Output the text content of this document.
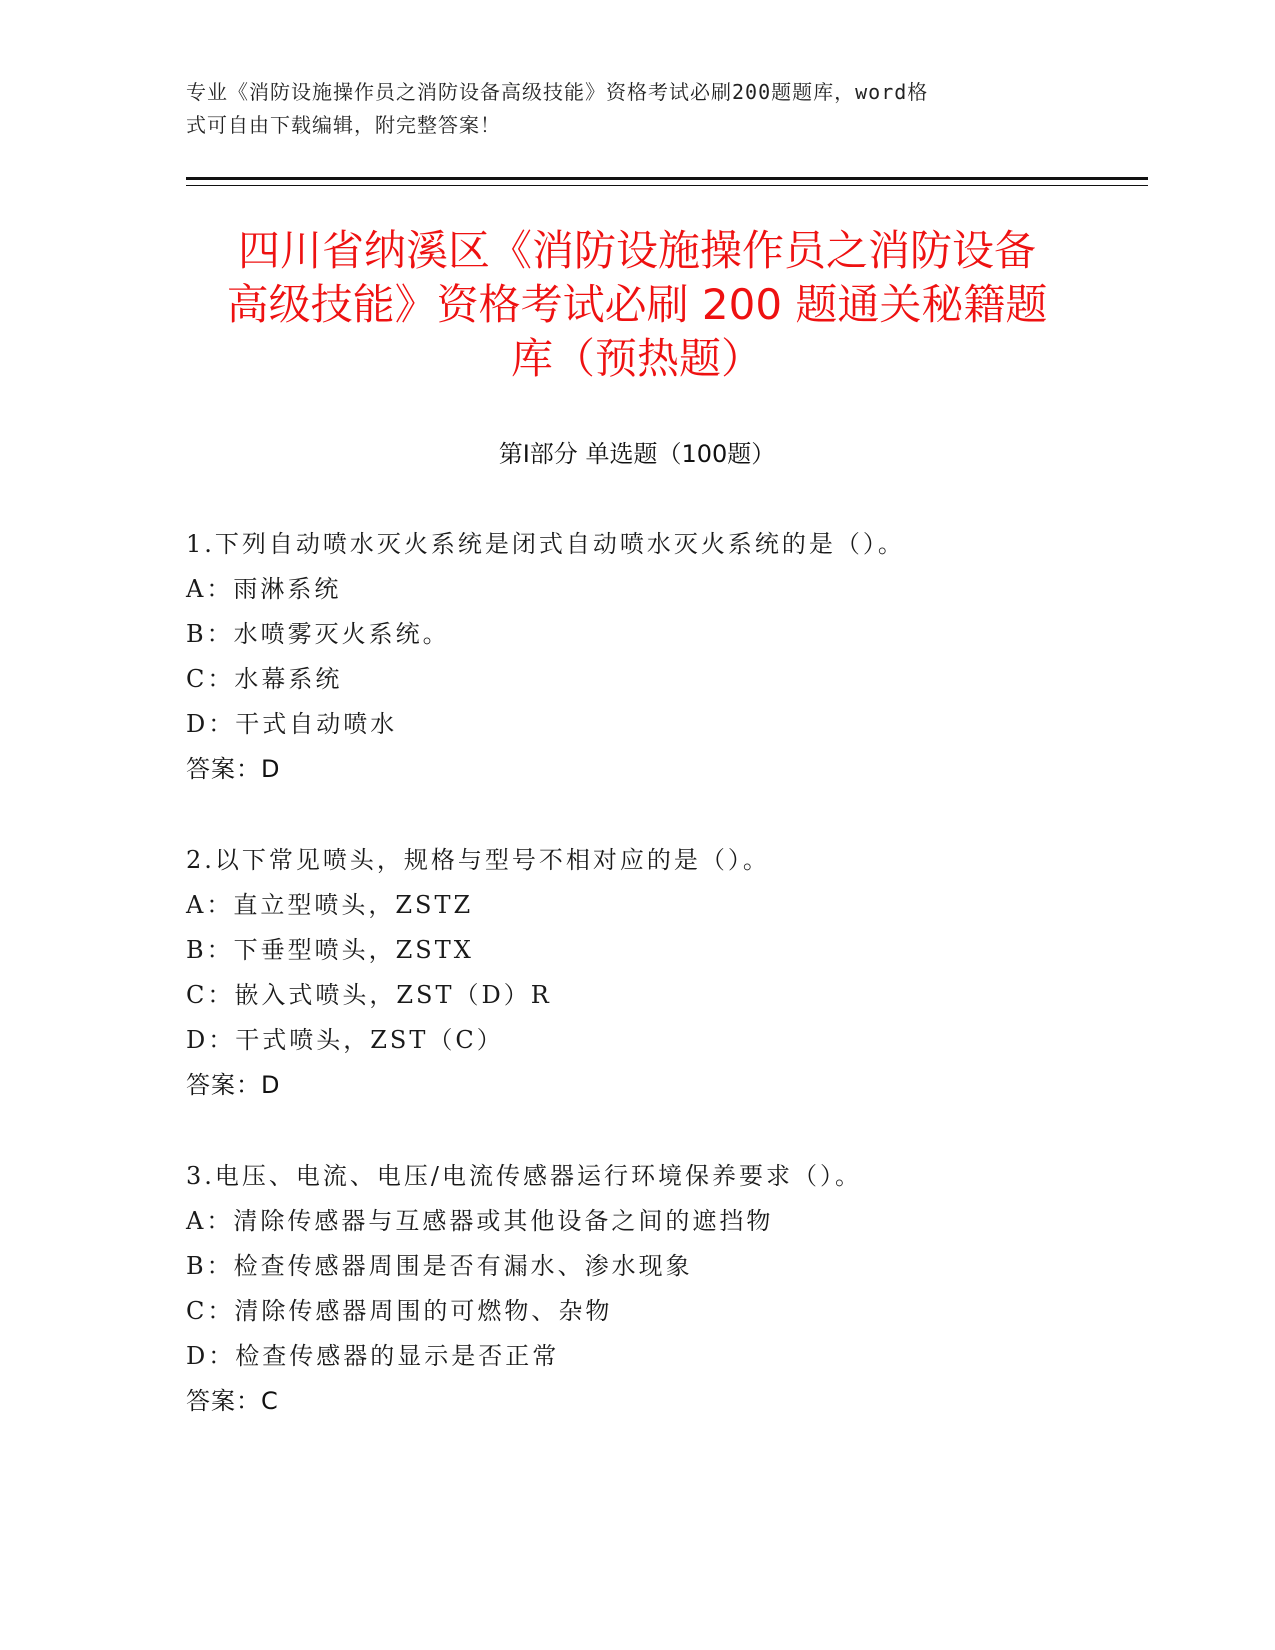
专业《消防设施操作员之消防设备高级技能》资格考试必刷200题题库，word格
式可自由下载编辑，附完整答案！
四川省纳溪区《消防设施操作员之消防设备
高级技能》资格考试必刷 200 题通关秘籍题
库（预热题）
第Ⅰ部分 单选题（100题）
1.下列自动喷水灭火系统是闭式自动喷水灭火系统的是（）。
A：雨淋系统
B：水喷雾灭火系统。
C：水幕系统
D：干式自动喷水
答案：D
2.以下常见喷头，规格与型号不相对应的是（）。
A：直立型喷头，ZSTZ
B：下垂型喷头，ZSTX
C：嵌入式喷头，ZST（D）R
D：干式喷头，ZST（C）
答案：D
3.电压、电流、电压/电流传感器运行环境保养要求（）。
A：清除传感器与互感器或其他设备之间的遮挡物
B：检查传感器周围是否有漏水、渗水现象
C：清除传感器周围的可燃物、杂物
D：检查传感器的显示是否正常
答案：C
